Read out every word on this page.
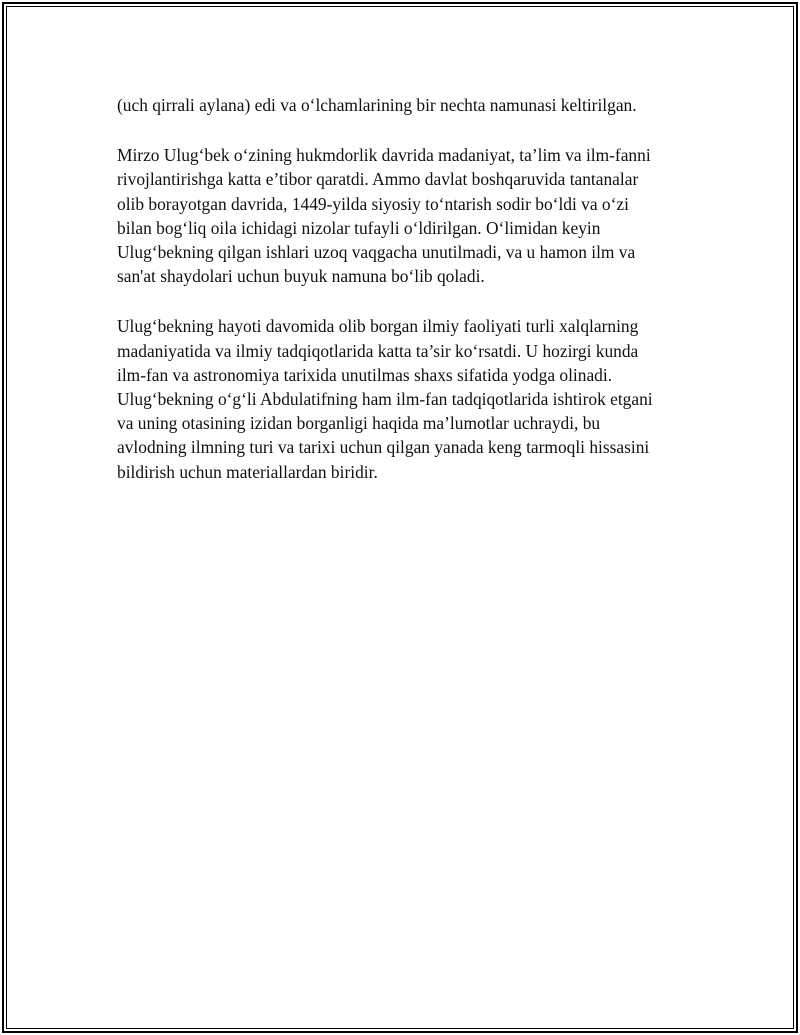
(uch qirrali aylana) edi va o‘lchamlarining bir nechta namunasi keltirilgan.

Mirzo Ulug‘bek o‘zining hukmdorlik davrida madaniyat, ta’lim va ilm-fanni
rivojlantirishga katta e’tibor qaratdi. Ammo davlat boshqaruvida tantanalar
olib borayotgan davrida, 1449-yilda siyosiy to‘ntarish sodir bo‘ldi va o‘zi
bilan bog‘liq oila ichidagi nizolar tufayli o‘ldirilgan. O‘limidan keyin
Ulug‘bekning qilgan ishlari uzoq vaqgacha unutilmadi, va u hamon ilm va
san'at shaydolari uchun buyuk namuna bo‘lib qoladi.

Ulug‘bekning hayoti davomida olib borgan ilmiy faoliyati turli xalqlarning
madaniyatida va ilmiy tadqiqotlarida katta ta’sir ko‘rsatdi. U hozirgi kunda
ilm-fan va astronomiya tarixida unutilmas shaxs sifatida yodga olinadi.
Ulug‘bekning o‘g‘li Abdulatifning ham ilm-fan tadqiqotlarida ishtirok etgani
va uning otasining izidan borganligi haqida ma’lumotlar uchraydi, bu
avlodning ilmning turi va tarixi uchun qilgan yanada keng tarmoqli hissasini
bildirish uchun materiallardan biridir.
